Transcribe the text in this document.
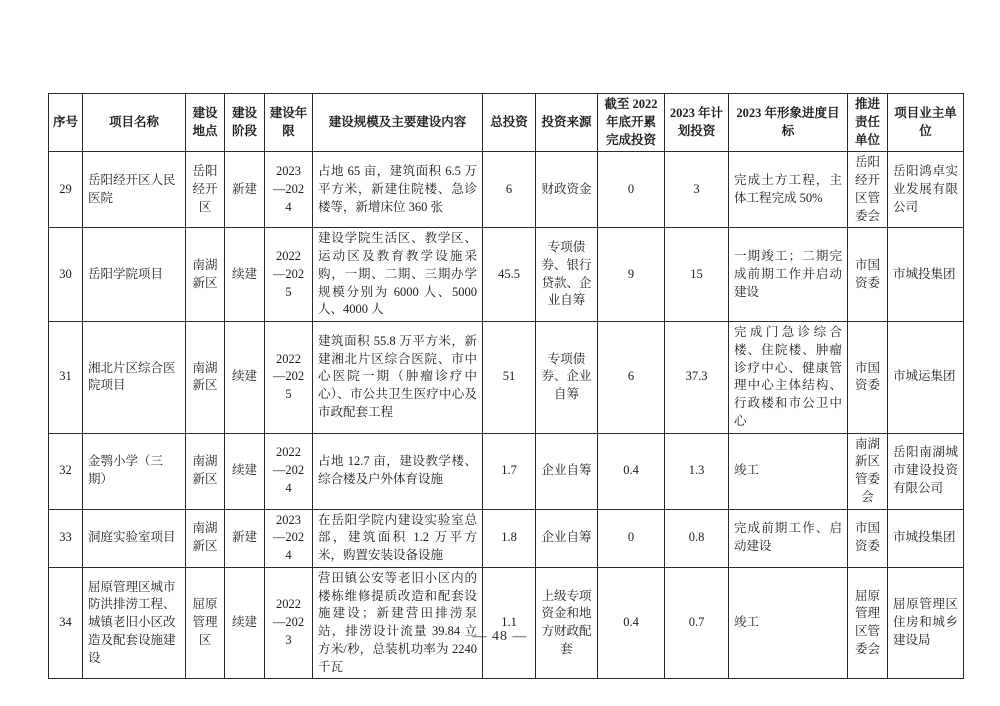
序号	项目名称	建设地点	建设阶段	建设年限	建设规模及主要建设内容	总投资	投资来源	截至 2022 年底开累完成投资	2023 年计划投资	2023 年形象进度目标	推进责任单位	项目业主单位
29	岳阳经开区人民医院	岳阳经开区	新建	2023—2024	占地 65 亩，建筑面积 6.5 万平方米，新建住院楼、急诊楼等，新增床位 360 张	6	财政资金	0	3	完成土方工程，主体工程完成 50%	岳阳经开区管委会	岳阳鸿卓实业发展有限公司
30	岳阳学院项目	南湖新区	续建	2022—2025	建设学院生活区、教学区、运动区及教育教学设施采购，一期、二期、三期办学规模分别为 6000 人、5000 人、4000 人	45.5	专项债券、银行贷款、企业自筹	9	15	一期竣工；二期完成前期工作并启动建设	市国资委	市城投集团
31	湘北片区综合医院项目	南湖新区	续建	2022—2025	建筑面积 55.8 万平方米，新建湘北片区综合医院、市中心医院一期（肿瘤诊疗中心）、市公共卫生医疗中心及市政配套工程	51	专项债券、企业自筹	6	37.3	完成门急诊综合楼、住院楼、肿瘤诊疗中心、健康管理中心主体结构、行政楼和市公卫中心	市国资委	市城运集团
32	金鹗小学（三期）	南湖新区	续建	2022—2024	占地 12.7 亩，建设教学楼、综合楼及户外体育设施	1.7	企业自筹	0.4	1.3	竣工	南湖新区管委会	岳阳南湖城市建设投资有限公司
33	洞庭实验室项目	南湖新区	新建	2023—2024	在岳阳学院内建设实验室总部，建筑面积 1.2 万平方米，购置安装设备设施	1.8	企业自筹	0	0.8	完成前期工作、启动建设	市国资委	市城投集团
34	屈原管理区城市防洪排涝工程、城镇老旧小区改造及配套设施建设	屈原管理区	续建	2022—2023	营田镇公安等老旧小区内的楼栋维修提质改造和配套设施建设；新建营田排涝泵站，排涝设计流量 39.84 立方米/秒，总装机功率为 2240 千瓦	1.1	上级专项资金和地方财政配套	0.4	0.7	竣工	屈原管理区管委会	屈原管理区住房和城乡建设局
— 48 —
